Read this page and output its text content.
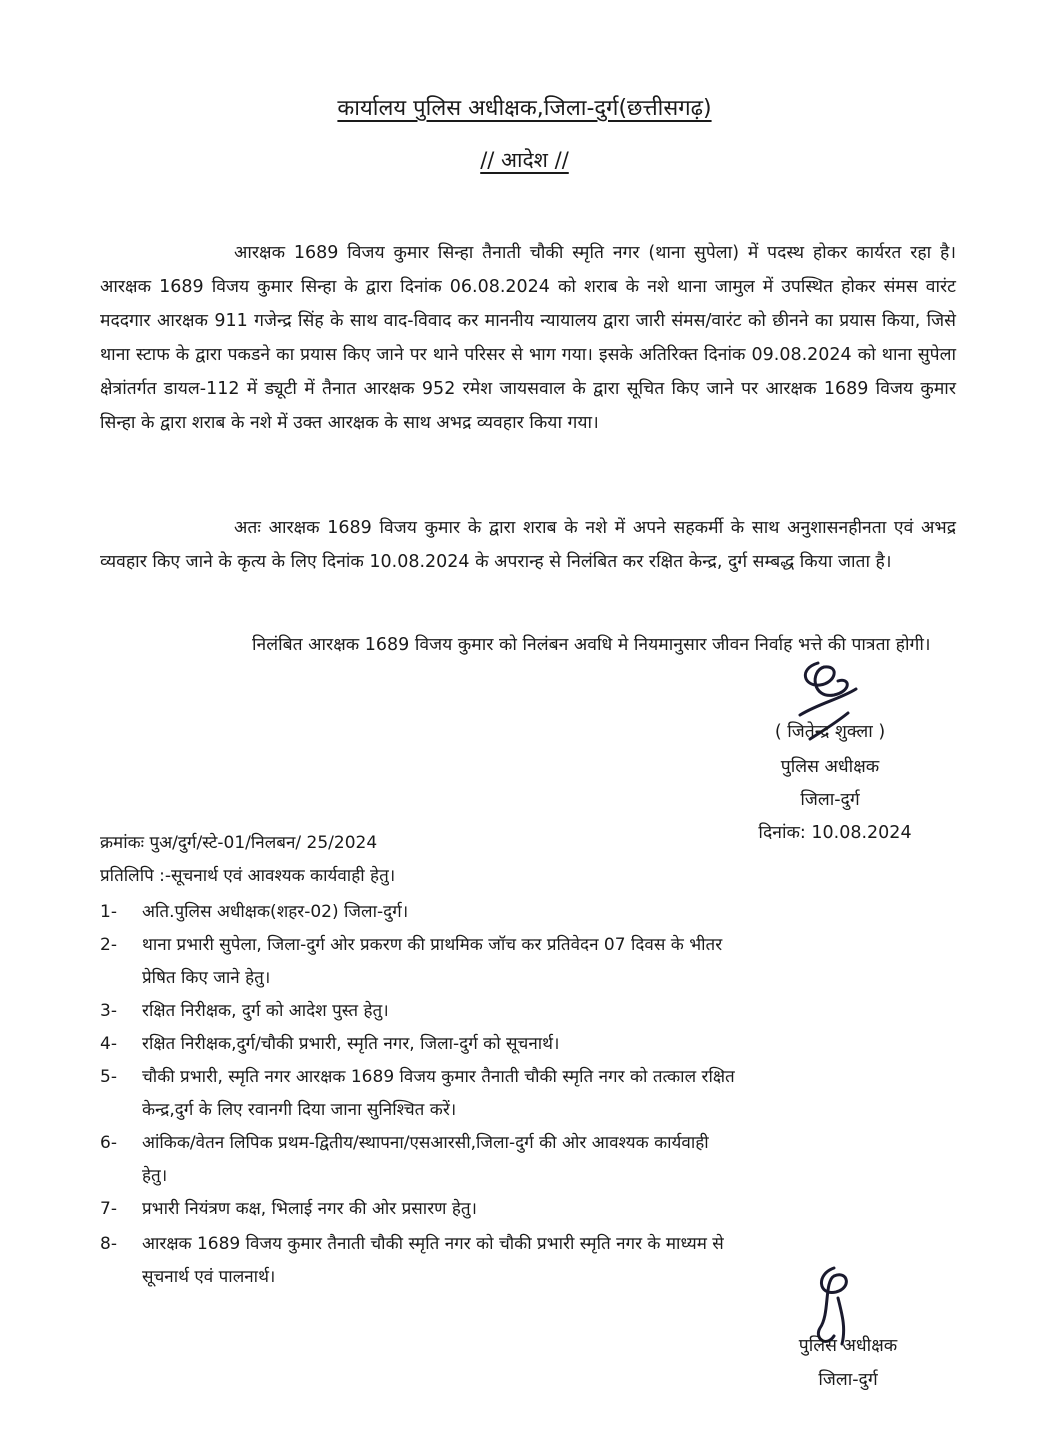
कार्यालय पुलिस अधीक्षक,जिला-दुर्ग(छत्तीसगढ़)
// आदेश //
आरक्षक 1689 विजय कुमार सिन्हा तैनाती चौकी स्मृति नगर (थाना सुपेला) में पदस्थ होकर कार्यरत रहा है। आरक्षक 1689 विजय कुमार सिन्हा के द्वारा दिनांक 06.08.2024 को शराब के नशे थाना जामुल में उपस्थित होकर संमस वारंट मददगार आरक्षक 911 गजेन्द्र सिंह के साथ वाद-विवाद कर माननीय न्यायालय द्वारा जारी संमस/वारंट को छीनने का प्रयास किया, जिसे थाना स्टाफ के द्वारा पकडने का प्रयास किए जाने पर थाने परिसर से भाग गया। इसके अतिरिक्त दिनांक 09.08.2024 को थाना सुपेला क्षेत्रांतर्गत डायल-112 में ड्यूटी में तैनात आरक्षक 952 रमेश जायसवाल के द्वारा सूचित किए जाने पर आरक्षक 1689 विजय कुमार सिन्हा के द्वारा शराब के नशे में उक्त आरक्षक के साथ अभद्र व्यवहार किया गया।
अतः आरक्षक 1689 विजय कुमार के द्वारा शराब के नशे में अपने सहकर्मी के साथ अनुशासनहीनता एवं अभद्र व्यवहार किए जाने के कृत्य के लिए दिनांक 10.08.2024 के अपरान्ह से निलंबित कर रक्षित केन्द्र, दुर्ग सम्बद्ध किया जाता है।
निलंबित आरक्षक 1689 विजय कुमार को निलंबन अवधि मे नियमानुसार जीवन निर्वाह भत्ते की पात्रता होगी।
( जितेन्द्र शुक्ला )
पुलिस अधीक्षक
जिला-दुर्ग
दिनांक: 10.08.2024
क्रमांकः पुअ/दुर्ग/स्टे-01/निलबन/ 25/2024
प्रतिलिपि :-सूचनार्थ एवं आवश्यक कार्यवाही हेतु।
1- अति.पुलिस अधीक्षक(शहर-02) जिला-दुर्ग।
2- थाना प्रभारी सुपेला, जिला-दुर्ग ओर प्रकरण की प्राथमिक जॉच कर प्रतिवेदन 07 दिवस के भीतर
प्रेषित किए जाने हेतु।
3- रक्षित निरीक्षक, दुर्ग को आदेश पुस्त हेतु।
4- रक्षित निरीक्षक,दुर्ग/चौकी प्रभारी, स्मृति नगर, जिला-दुर्ग को सूचनार्थ।
5- चौकी प्रभारी, स्मृति नगर आरक्षक 1689 विजय कुमार तैनाती चौकी स्मृति नगर को तत्काल रक्षित
केन्द्र,दुर्ग के लिए रवानगी दिया जाना सुनिश्चित करें।
6- आंकिक/वेतन लिपिक प्रथम-द्वितीय/स्थापना/एसआरसी,जिला-दुर्ग की ओर आवश्यक कार्यवाही
हेतु।
7- प्रभारी नियंत्रण कक्ष, भिलाई नगर की ओर प्रसारण हेतु।
8- आरक्षक 1689 विजय कुमार तैनाती चौकी स्मृति नगर को चौकी प्रभारी स्मृति नगर के माध्यम से
सूचनार्थ एवं पालनार्थ।
पुलिस अधीक्षक
जिला-दुर्ग
